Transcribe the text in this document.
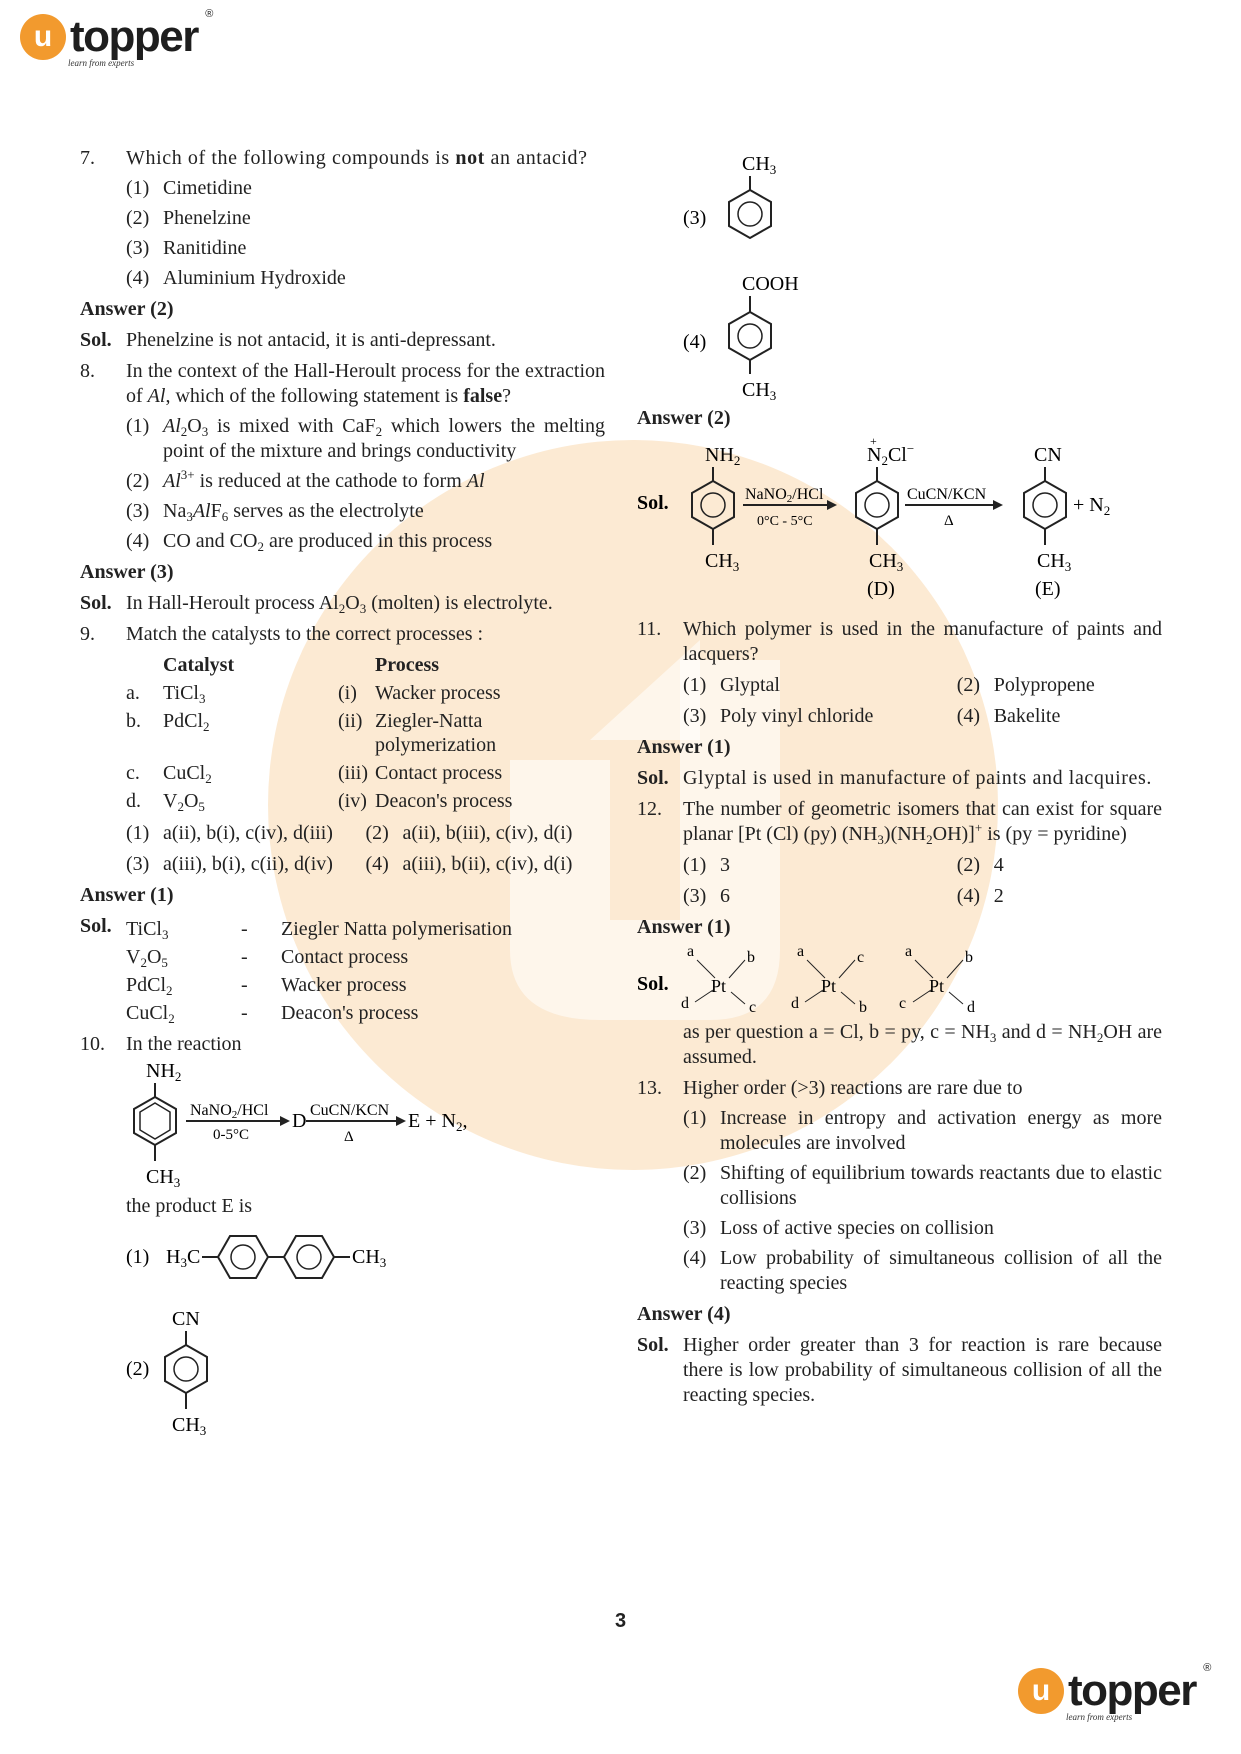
u topper ®
learn from experts
7.	Which of the following compounds is not an antacid?
(1) Cimetidine
(2) Phenelzine
(3) Ranitidine
(4) Aluminium Hydroxide
Answer (2)
Sol. Phenelzine is not antacid, it is anti-depressant.
8.	In the context of the Hall-Heroult process for the extraction of Al, which of the following statement is false?
(1) $Al_2O_3$ is mixed with CaF$_2$ which lowers the melting point of the mixture and brings conductivity
(2) $Al^{3+}$ is reduced at the cathode to form Al
(3) $Na_3AlF_6$ serves as the electrolyte
(4) CO and $CO_2$ are produced in this process
Answer (3)
Sol. In Hall-Heroult process $Al_2O_3$ (molten) is electrolyte.
9.	Match the catalysts to the correct processes :
	Catalyst		Process
a.	TiCl$_3$	(i)	Wacker process
b.	PdCl$_2$	(ii)	Ziegler-Natta polymerization
c.	CuCl$_2$	(iii)	Contact process
d.	$V_2O_5$	(iv)	Deacon's process
(1) a(ii), b(i), c(iv), d(iii) (2) a(ii), b(iii), c(iv), d(i)
(3) a(iii), b(i), c(ii), d(iv) (4) a(iii), b(ii), c(iv), d(i)
Answer (1)
Sol. TiCl$_3$	-	Ziegler Natta polymerisation
$V_2O_5$	-	Contact process
PdCl$_2$	-	Wacker process
CuCl$_2$	-	Deacon's process
10.	In the reaction
$NH_2$
$CH_3$
NaNO2/HCl
0-5°C
D CuCN/KCN
Δ
$E + N_2$,
the product E is
(1) $H_3C$	$CH_3$
(2)
CN
$CH_3$
(3)
$CH_3$
(4)
COOH
$CH_3$
Answer (2)
Sol.
$NH_2$
$CH_3$
NaNO2/HCl
0°C - 5°C
$N_2Cl^-$
+
$CH_3$
(D)
CuCN/KCN
Δ
CN
$CH_3$
(E)
+ $N_2$
11.	Which polymer is used in the manufacture of paints and lacquers?
(1) Glyptal	(2) Polypropene
(3) Poly vinyl chloride	(4) Bakelite
Answer (1)
Sol. Glyptal is used in manufacture of paints and lacquires.
12.	The number of geometric isomers that can exist for square planar [Pt (Cl) (py) $(NH_3)(NH_2OH)]^+$ is (py = pyridine)
(1) 3	(2) 4
(3) 6	(4) 2
Answer (1)
Sol.
a	b
d	c
Pt
a	c
d	b
Pt
a	b
c	d
Pt
as per question a = Cl, b = py, $c = NH_3$ and $d = NH_2OH$ are assumed.
13.	Higher order (>3) reactions are rare due to
(1) Increase in entropy and activation energy as more molecules are involved
(2) Shifting of equilibrium towards reactants due to elastic collisions
(3) Loss of active species on collision
(4) Low probability of simultaneous collision of all the reacting species
Answer (4)
Sol. Higher order greater than 3 for reaction is rare because there is low probability of simultaneous collision of all the reacting species.
3
u topper ®
learn from experts
